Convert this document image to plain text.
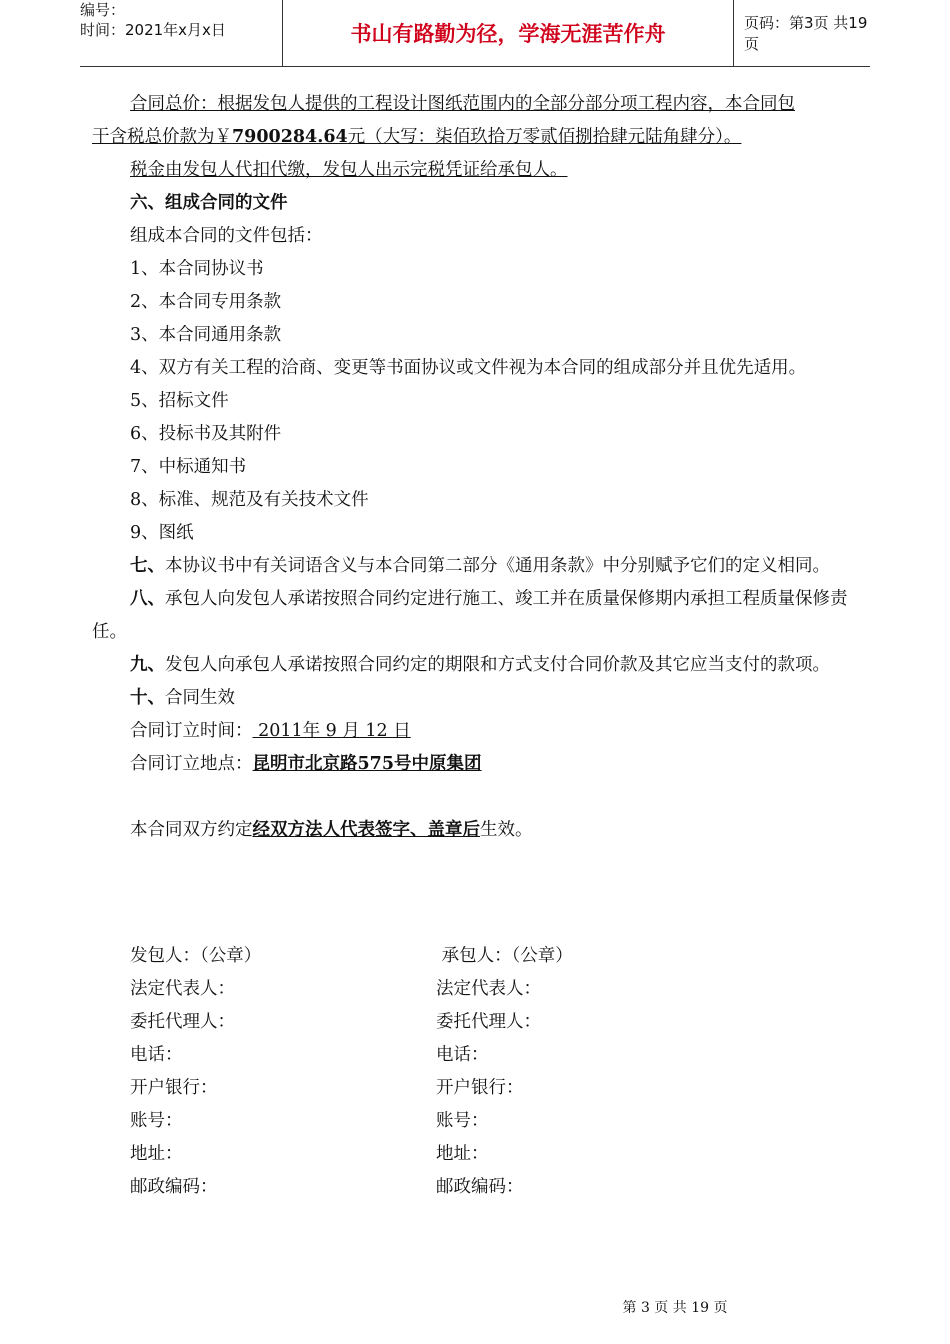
编号：
时间：2021年x月x日	书山有路勤为径，学海无涯苦作舟	页码：第3页 共19页

合同总价：根据发包人提供的工程设计图纸范围内的全部分部分项工程内容，本合同包

干含税总价款为￥7900284.64元（大写：柒佰玖拾万零贰佰捌拾肆元陆角肆分）。

税金由发包人代扣代缴，发包人出示完税凭证给承包人。

六、组成合同的文件

组成本合同的文件包括：

1、本合同协议书

2、本合同专用条款

3、本合同通用条款

4、双方有关工程的洽商、变更等书面协议或文件视为本合同的组成部分并且优先适用。

5、招标文件

6、投标书及其附件

7、中标通知书

8、标准、规范及有关技术文件

9、图纸

七、本协议书中有关词语含义与本合同第二部分《通用条款》中分别赋予它们的定义相同。

八、承包人向发包人承诺按照合同约定进行施工、竣工并在质量保修期内承担工程质量保修责任。

九、发包人向承包人承诺按照合同约定的期限和方式支付合同价款及其它应当支付的款项。

十、合同生效

合同订立时间： 2011年 9 月 12 日

合同订立地点：昆明市北京路575号中原集团

本合同双方约定经双方法人代表签字、盖章后生效。

发包人：（公章）	承包人：（公章）
法定代表人：	法定代表人：
委托代理人：	委托代理人：
电话：	电话：
开户银行：	开户银行：
账号：	账号：
地址：	地址：
邮政编码：	邮政编码：
第 3 页 共 19 页
